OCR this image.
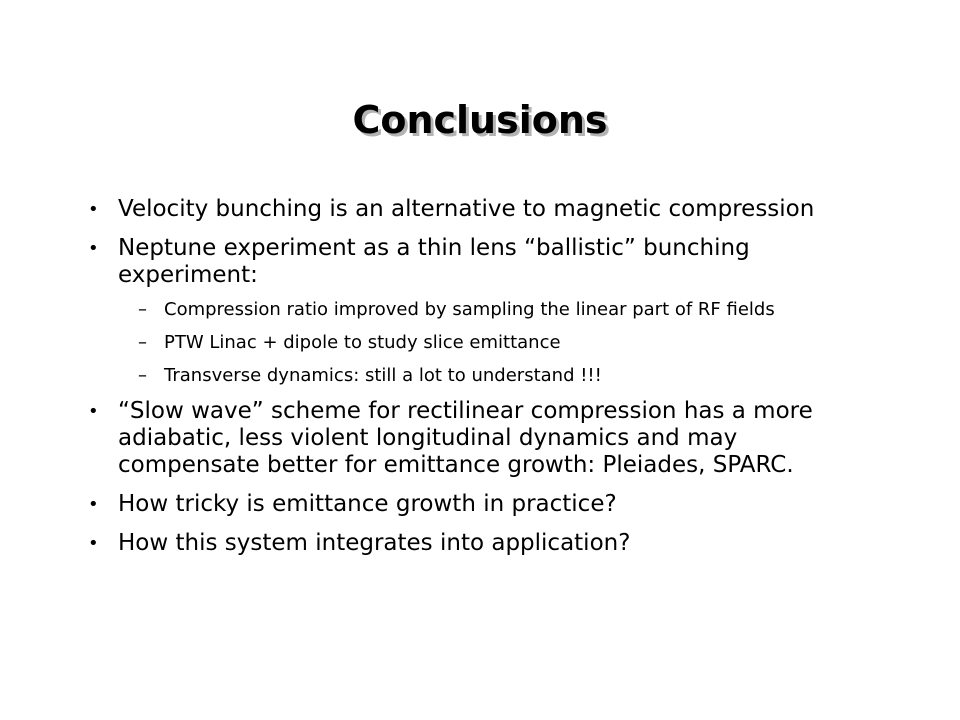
Conclusions
• Velocity bunching is an alternative to magnetic compression
• Neptune experiment as a thin lens “ballistic” bunching experiment:
– Compression ratio improved by sampling the linear part of RF fields
– PTW Linac + dipole to study slice emittance
– Transverse dynamics: still a lot to understand !!!
• “Slow wave” scheme for rectilinear compression has a more adiabatic, less violent longitudinal dynamics and may compensate better for emittance growth: Pleiades, SPARC.
• How tricky is emittance growth in practice?
• How this system integrates into application?
